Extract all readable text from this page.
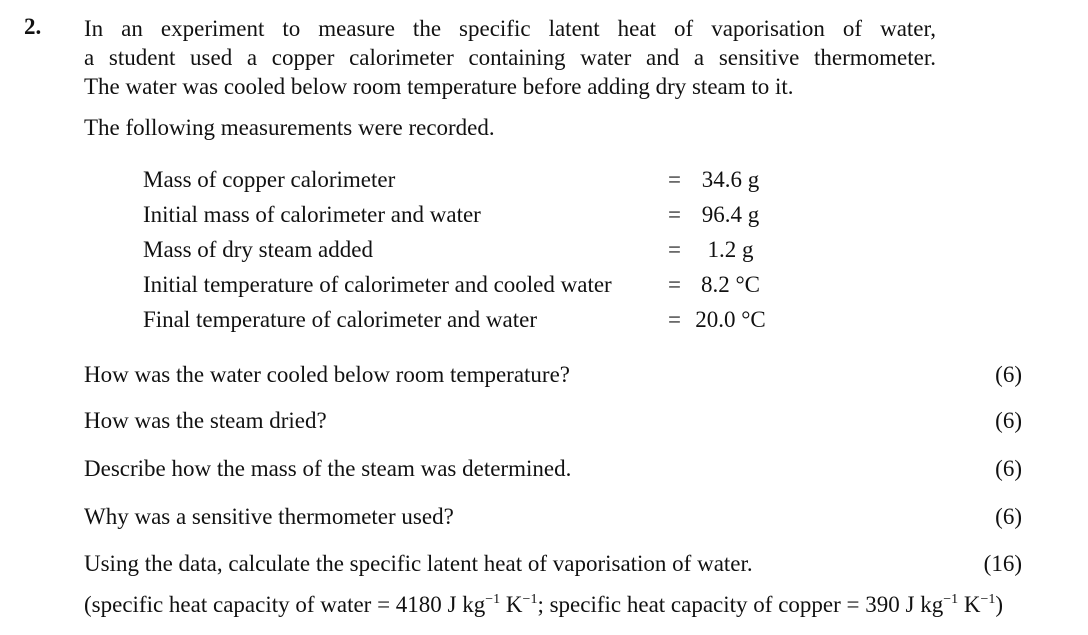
2. In an experiment to measure the specific latent heat of vaporisation of water,
a student used a copper calorimeter containing water and a sensitive thermometer.
The water was cooled below room temperature before adding dry steam to it.
The following measurements were recorded.
Mass of copper calorimeter	= 34.6 g
Initial mass of calorimeter and water	= 96.4 g
Mass of dry steam added	=	1.2 g
Initial temperature of calorimeter and cooled water = 8.2 °C
Final temperature of calorimeter and water	= 20.0 °C
How was the water cooled below room temperature?	(6)
How was the steam dried?	(6)
Describe how the mass of the steam was determined.	(6)
Why was a sensitive thermometer used?	(6)
Using the data, calculate the specific latent heat of vaporisation of water.	(16)
(specific heat capacity of water = 4180 J $kg^{-1}$ $K^{-1}$; specific heat capacity of copper = 390 J $kg^{-1}$ $K^{-1}$)
